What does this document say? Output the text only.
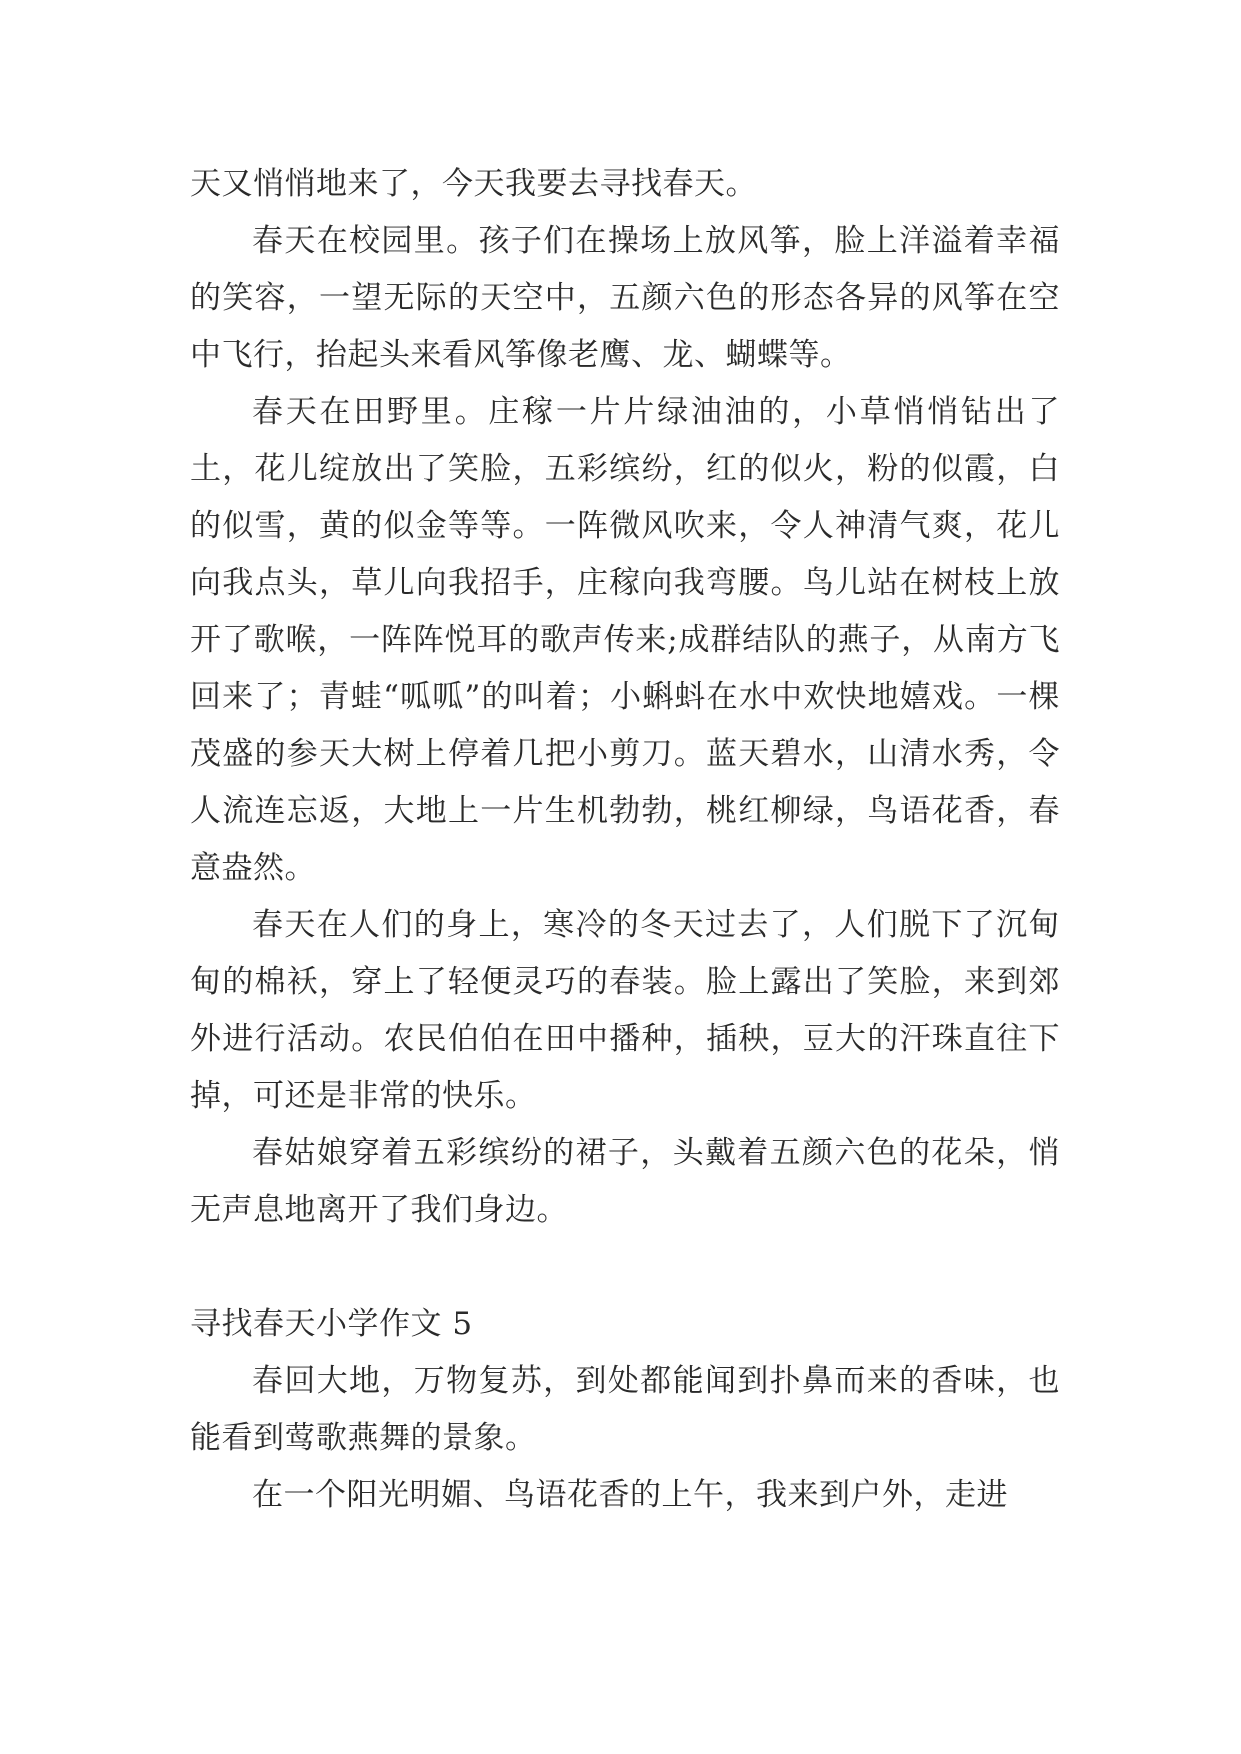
天又悄悄地来了，今天我要去寻找春天。

春天在校园里。孩子们在操场上放风筝，脸上洋溢着幸福的笑容，一望无际的天空中，五颜六色的形态各异的风筝在空中飞行，抬起头来看风筝像老鹰、龙、蝴蝶等。

春天在田野里。庄稼一片片绿油油的，小草悄悄钻出了土，花儿绽放出了笑脸，五彩缤纷，红的似火，粉的似霞，白的似雪，黄的似金等等。一阵微风吹来，令人神清气爽，花儿向我点头，草儿向我招手，庄稼向我弯腰。鸟儿站在树枝上放开了歌喉，一阵阵悦耳的歌声传来;成群结队的燕子，从南方飞回来了；青蛙“呱呱”的叫着；小蝌蚪在水中欢快地嬉戏。一棵茂盛的参天大树上停着几把小剪刀。蓝天碧水，山清水秀，令人流连忘返，大地上一片生机勃勃，桃红柳绿，鸟语花香，春意盎然。

春天在人们的身上，寒冷的冬天过去了，人们脱下了沉甸甸的棉袄，穿上了轻便灵巧的春装。脸上露出了笑脸，来到郊外进行活动。农民伯伯在田中播种，插秧，豆大的汗珠直往下掉，可还是非常的快乐。

春姑娘穿着五彩缤纷的裙子，头戴着五颜六色的花朵，悄无声息地离开了我们身边。

寻找春天小学作文 5

春回大地，万物复苏，到处都能闻到扑鼻而来的香味，也能看到莺歌燕舞的景象。

在一个阳光明媚、鸟语花香的上午，我来到户外，走进
